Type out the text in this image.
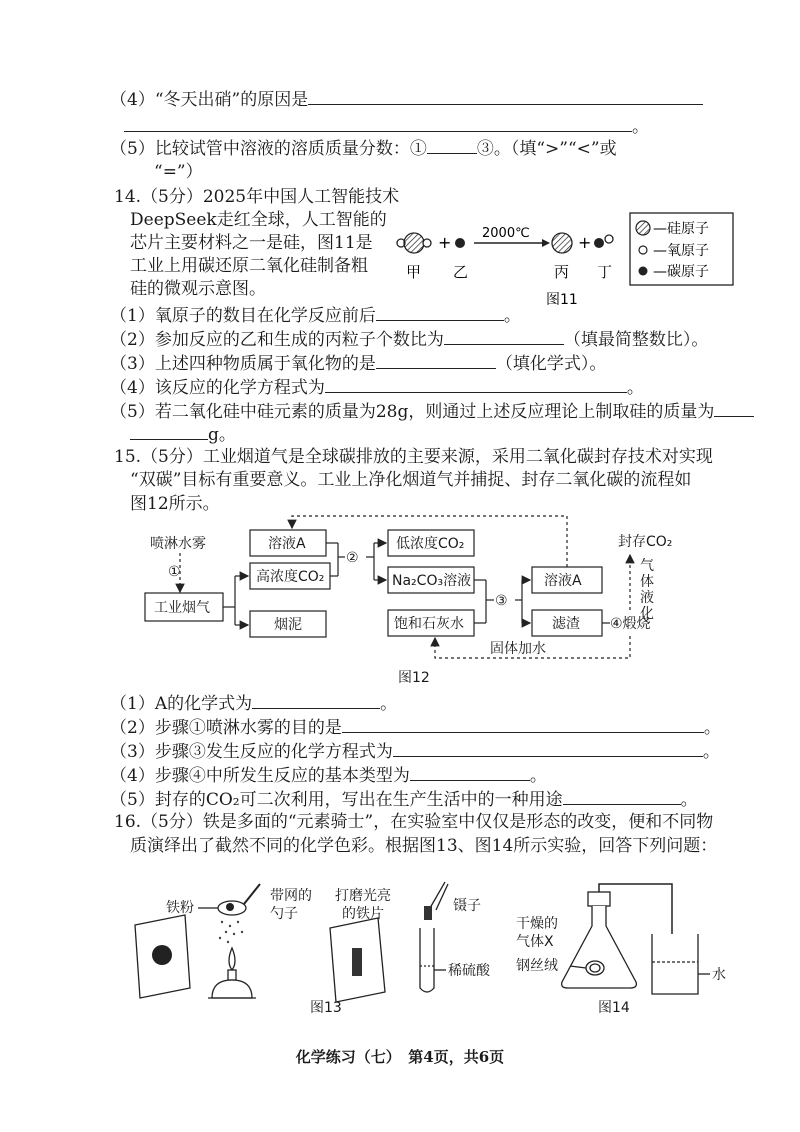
（4）“冬天出硝”的原因是
。
（5）比较试管中溶液的溶质质量分数：①	③。（填“>”“<”或
“=”）
14.（5分）2025年中国人工智能技术
DeepSeek走红全球，人工智能的
芯片主要材料之一是硅，图11是
工业上用碳还原二氧化硅制备粗
硅的微观示意图。
+ 2000℃	+
甲 乙	丙 丁
图11
—硅原子
—氧原子
—碳原子
（1）氧原子的数目在化学反应前后	。
（2）参加反应的乙和生成的丙粒子个数比为	（填最简整数比）。
（3）上述四种物质属于氧化物的是	（填化学式）。
（4）该反应的化学方程式为	。
（5）若二氧化硅中硅元素的质量为28g，则通过上述反应理论上制取硅的质量为
g。
15.（5分）工业烟道气是全球碳排放的主要来源，采用二氧化碳封存技术对实现
“双碳”目标有重要意义。工业上净化烟道气并捕捉、封存二氧化碳的流程如
图12所示。
喷淋水雾
①
工业烟气
溶液A
高浓度CO₂
烟泥
②
低浓度CO₂
Na₂CO₃溶液
饱和石灰水
③
溶液A
滤渣 ④煅烧
封存CO₂
气
体
液
化
固体加水
图12
（1）A的化学式为	。
（2）步骤①喷淋水雾的目的是	。
（3）步骤③发生反应的化学方程式为	。
（4）步骤④中所发生反应的基本类型为	。
（5）封存的CO₂可二次利用，写出在生产生活中的一种用途	。
16.（5分）铁是多面的“元素骑士”，在实验室中仅仅是形态的改变，便和不同物
质演绎出了截然不同的化学色彩。根据图13、图14所示实验，回答下列问题：
铁粉
带网的
勺子
打磨光亮
的铁片	镊子
稀硫酸
图13
干燥的
气体X
钢丝绒
水
图14
化学练习（七）　第4页，共6页
